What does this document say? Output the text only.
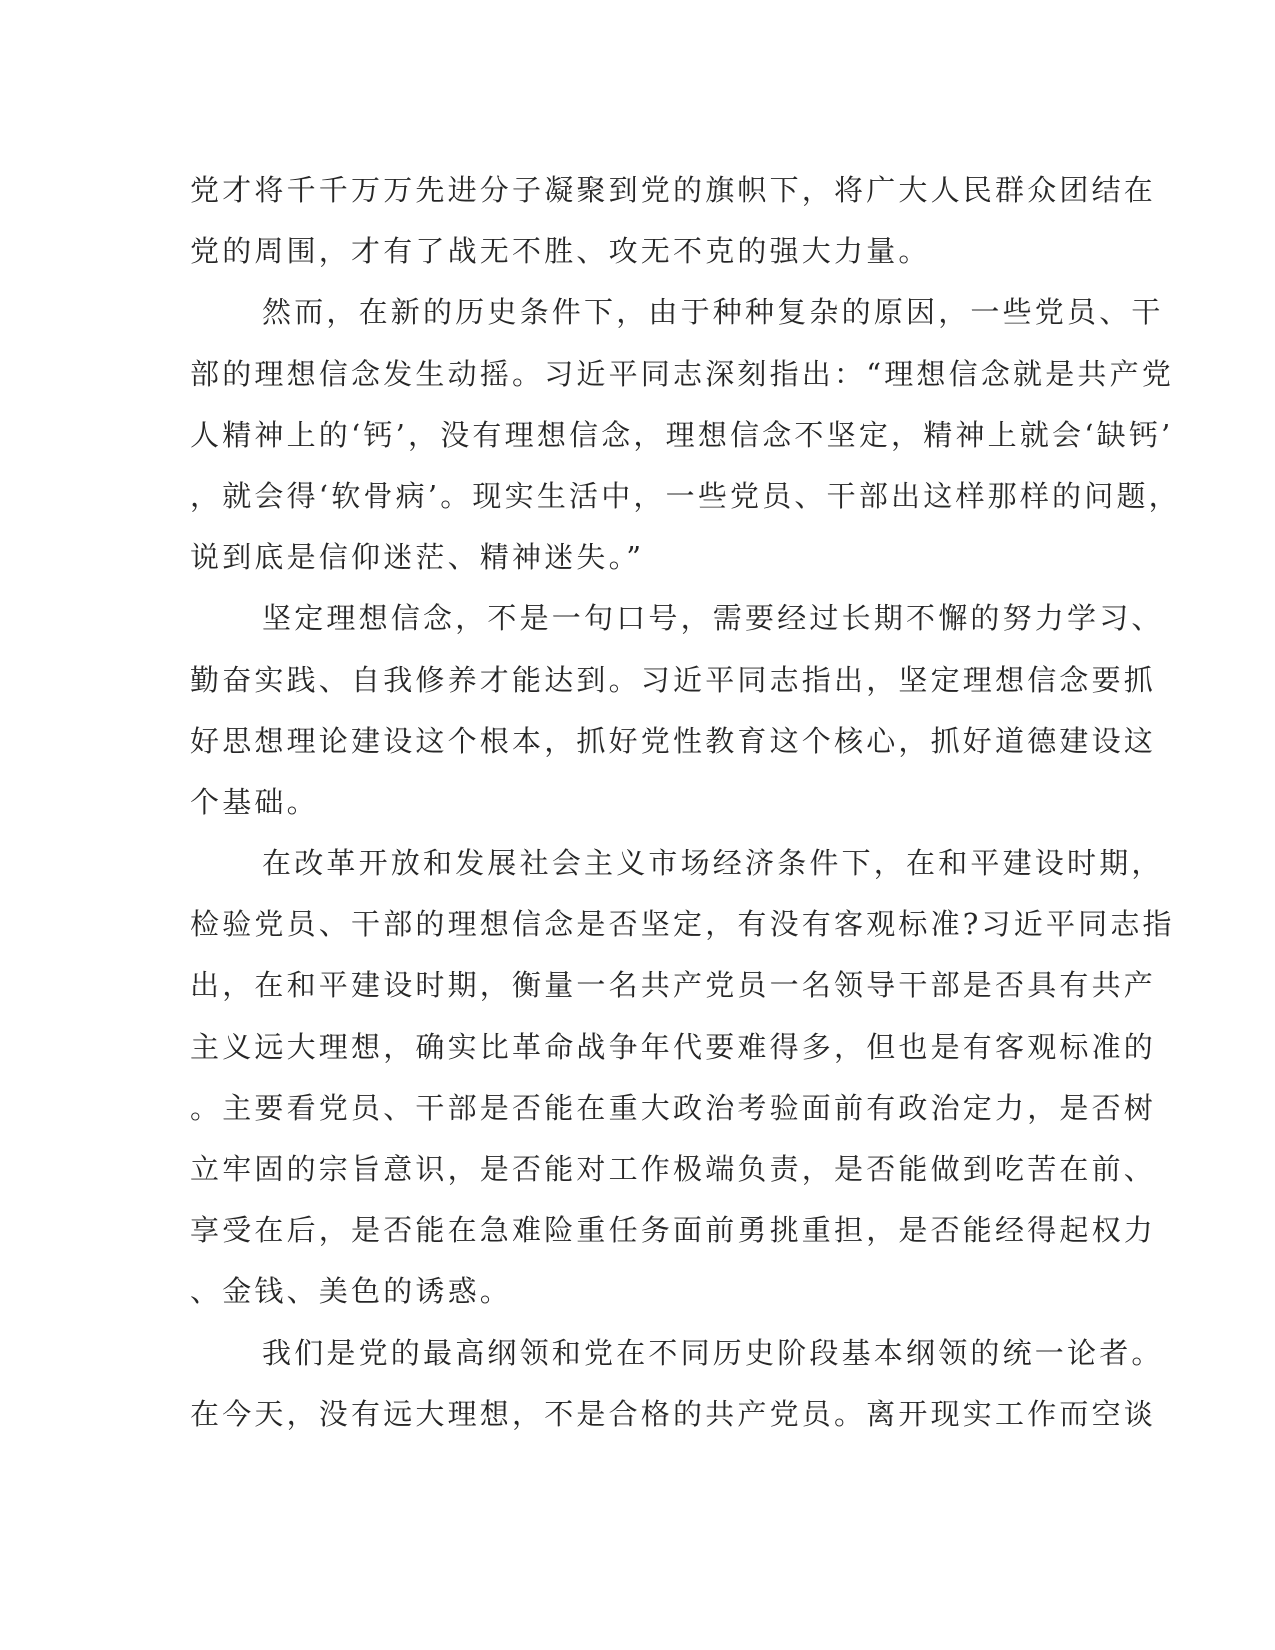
党才将千千万万先进分子凝聚到党的旗帜下，将广大人民群众团结在
党的周围，才有了战无不胜、攻无不克的强大力量。
然而，在新的历史条件下，由于种种复杂的原因，一些党员、干
部的理想信念发生动摇。习近平同志深刻指出：“理想信念就是共产党
人精神上的‘钙’，没有理想信念，理想信念不坚定，精神上就会‘缺钙’
，就会得‘软骨病’。现实生活中，一些党员、干部出这样那样的问题，
说到底是信仰迷茫、精神迷失。”
坚定理想信念，不是一句口号，需要经过长期不懈的努力学习、
勤奋实践、自我修养才能达到。习近平同志指出，坚定理想信念要抓
好思想理论建设这个根本，抓好党性教育这个核心，抓好道德建设这
个基础。
在改革开放和发展社会主义市场经济条件下，在和平建设时期，
检验党员、干部的理想信念是否坚定，有没有客观标准?习近平同志指
出，在和平建设时期，衡量一名共产党员一名领导干部是否具有共产
主义远大理想，确实比革命战争年代要难得多，但也是有客观标准的
。主要看党员、干部是否能在重大政治考验面前有政治定力，是否树
立牢固的宗旨意识，是否能对工作极端负责，是否能做到吃苦在前、
享受在后，是否能在急难险重任务面前勇挑重担，是否能经得起权力
、金钱、美色的诱惑。
我们是党的最高纲领和党在不同历史阶段基本纲领的统一论者。
在今天，没有远大理想，不是合格的共产党员。离开现实工作而空谈
